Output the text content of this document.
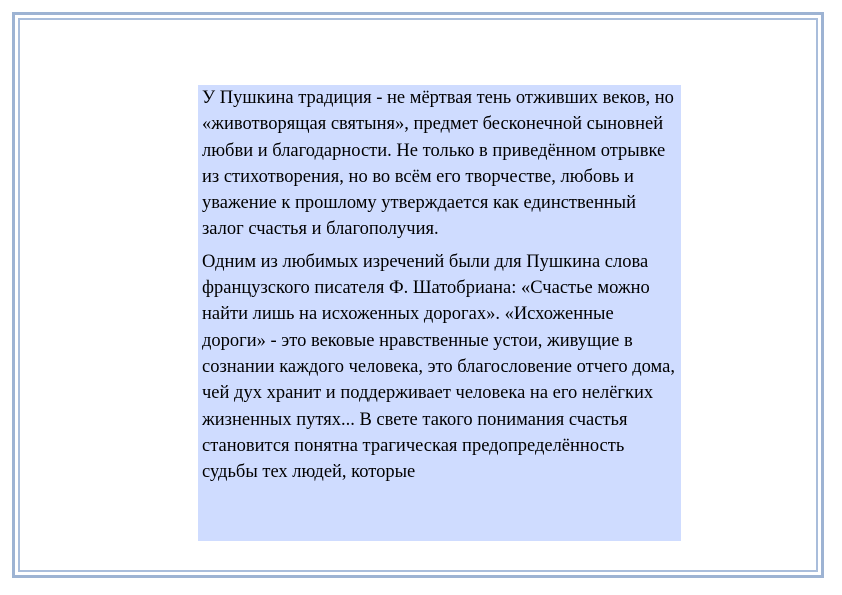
У Пушкина традиция - не мёртвая тень отживших веков, но «животворящая святыня», предмет бесконечной сыновней любви и благодарности. Не только в приведённом отрывке из стихотворения, но во всём его творчестве, любовь и уважение к прошлому утверждается как единственный залог счастья и благополучия.

Одним из любимых изречений были для Пушкина слова французского писателя Ф. Шатобриана: «Счастье можно найти лишь на исхоженных дорогах». «Исхоженные дороги» - это вековые нравственные устои, живущие в сознании каждого человека, это благословение отчего дома, чей дух хранит и поддерживает человека на его нелёгких жизненных путях... В свете такого понимания счастья становится понятна трагическая предопределённость судьбы тех людей, которые
